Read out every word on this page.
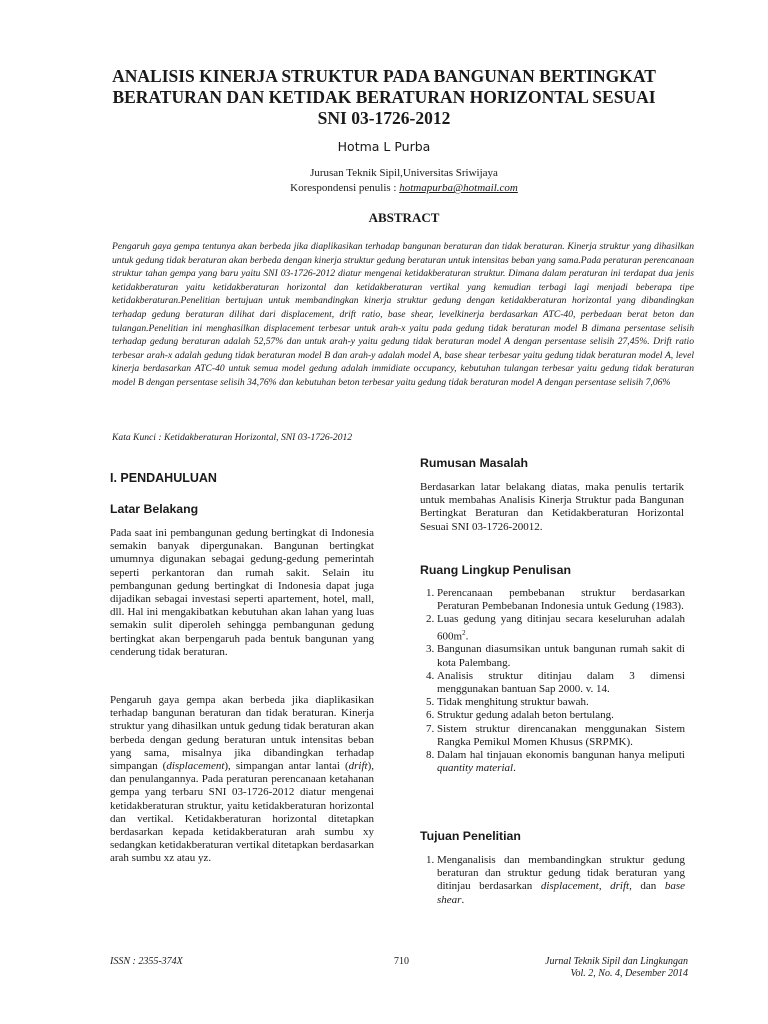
ANALISIS KINERJA STRUKTUR PADA BANGUNAN BERTINGKAT
BERATURAN DAN KETIDAK BERATURAN HORIZONTAL SESUAI
SNI 03-1726-2012
Hotma L Purba
Jurusan Teknik Sipil,Universitas Sriwijaya
Korespondensi penulis : hotmapurba@hotmail.com
ABSTRACT
Pengaruh gaya gempa tentunya akan berbeda jika diaplikasikan terhadap bangunan beraturan dan tidak beraturan. Kinerja struktur yang dihasilkan untuk gedung tidak beraturan akan berbeda dengan kinerja struktur gedung beraturan untuk intensitas beban yang sama.Pada peraturan perencanaan struktur tahan gempa yang baru yaitu SNI 03-1726-2012 diatur mengenai ketidakberaturan struktur. Dimana dalam peraturan ini terdapat dua jenis ketidakberaturan yaitu ketidakberaturan horizontal dan ketidakberaturan vertikal yang kemudian terbagi lagi menjadi beberapa tipe ketidakberaturan.Penelitian bertujuan untuk membandingkan kinerja struktur gedung dengan ketidakberaturan horizontal yang dibandingkan terhadap gedung beraturan dilihat dari displacement, drift ratio, base shear, levelkinerja berdasarkan ATC-40, perbedaan berat beton dan tulangan.Penelitian ini menghasilkan displacement terbesar untuk arah-x yaitu pada gedung tidak beraturan model B dimana persentase selisih terhadap gedung beraturan adalah 52,57% dan untuk arah-y yaitu gedung tidak beraturan model A dengan persentase selisih 27,45%. Drift ratio terbesar arah-x adalah gedung tidak beraturan model B dan arah-y adalah model A, base shear terbesar yaitu gedung tidak beraturan model A, level kinerja berdasarkan ATC-40 untuk semua model gedung adalah immidiate occupancy, kebutuhan tulangan terbesar yaitu gedung tidak beraturan model B dengan persentase selisih 34,76% dan kebutuhan beton terbesar yaitu gedung tidak beraturan model A dengan persentase selisih 7,06%
Kata Kunci : Ketidakberaturan Horizontal, SNI 03-1726-2012
I. PENDAHULUAN
Latar Belakang
Pada saat ini pembangunan gedung bertingkat di Indonesia semakin banyak dipergunakan. Bangunan bertingkat umumnya digunakan sebagai gedung-gedung pemerintah seperti perkantoran dan rumah sakit. Selain itu pembangunan gedung bertingkat di Indonesia dapat juga dijadikan sebagai investasi seperti apartement, hotel, mall, dll. Hal ini mengakibatkan kebutuhan akan lahan yang luas semakin sulit diperoleh sehingga pembangunan gedung bertingkat akan berpengaruh pada bentuk bangunan yang cenderung tidak beraturan.
Pengaruh gaya gempa akan berbeda jika diaplikasikan terhadap bangunan beraturan dan tidak beraturan. Kinerja struktur yang dihasilkan untuk gedung tidak beraturan akan berbeda dengan gedung beraturan untuk intensitas beban yang sama, misalnya jika dibandingkan terhadap simpangan (displacement), simpangan antar lantai (drift), dan penulangannya. Pada peraturan perencanaan ketahanan gempa yang terbaru SNI 03-1726-2012 diatur mengenai ketidakberaturan struktur, yaitu ketidakberaturan horizontal dan vertikal. Ketidakberaturan horizontal ditetapkan berdasarkan kepada ketidakberaturan arah sumbu xy sedangkan ketidakberaturan vertikal ditetapkan berdasarkan arah sumbu xz atau yz.
Rumusan Masalah
Berdasarkan latar belakang diatas, maka penulis tertarik untuk membahas Analisis Kinerja Struktur pada Bangunan Bertingkat Beraturan dan Ketidakberaturan Horizontal Sesuai SNI 03-1726-20012.
Ruang Lingkup Penulisan
1. Perencanaan pembebanan struktur berdasarkan Peraturan Pembebanan Indonesia untuk Gedung (1983).
2. Luas gedung yang ditinjau secara keseluruhan adalah $600m^2$.
3. Bangunan diasumsikan untuk bangunan rumah sakit di kota Palembang.
4. Analisis struktur ditinjau dalam 3 dimensi menggunakan bantuan Sap 2000. v. 14.
5. Tidak menghitung struktur bawah.
6. Struktur gedung adalah beton bertulang.
7. Sistem struktur direncanakan menggunakan Sistem Rangka Pemikul Momen Khusus (SRPMK).
8. Dalam hal tinjauan ekonomis bangunan hanya meliputi quantity material.
Tujuan Penelitian
1. Menganalisis dan membandingkan struktur gedung beraturan dan struktur gedung tidak beraturan yang ditinjau berdasarkan displacement, drift, dan base shear.
ISSN : 2355-374X	710	Jurnal Teknik Sipil dan Lingkungan
Vol. 2, No. 4, Desember 2014
